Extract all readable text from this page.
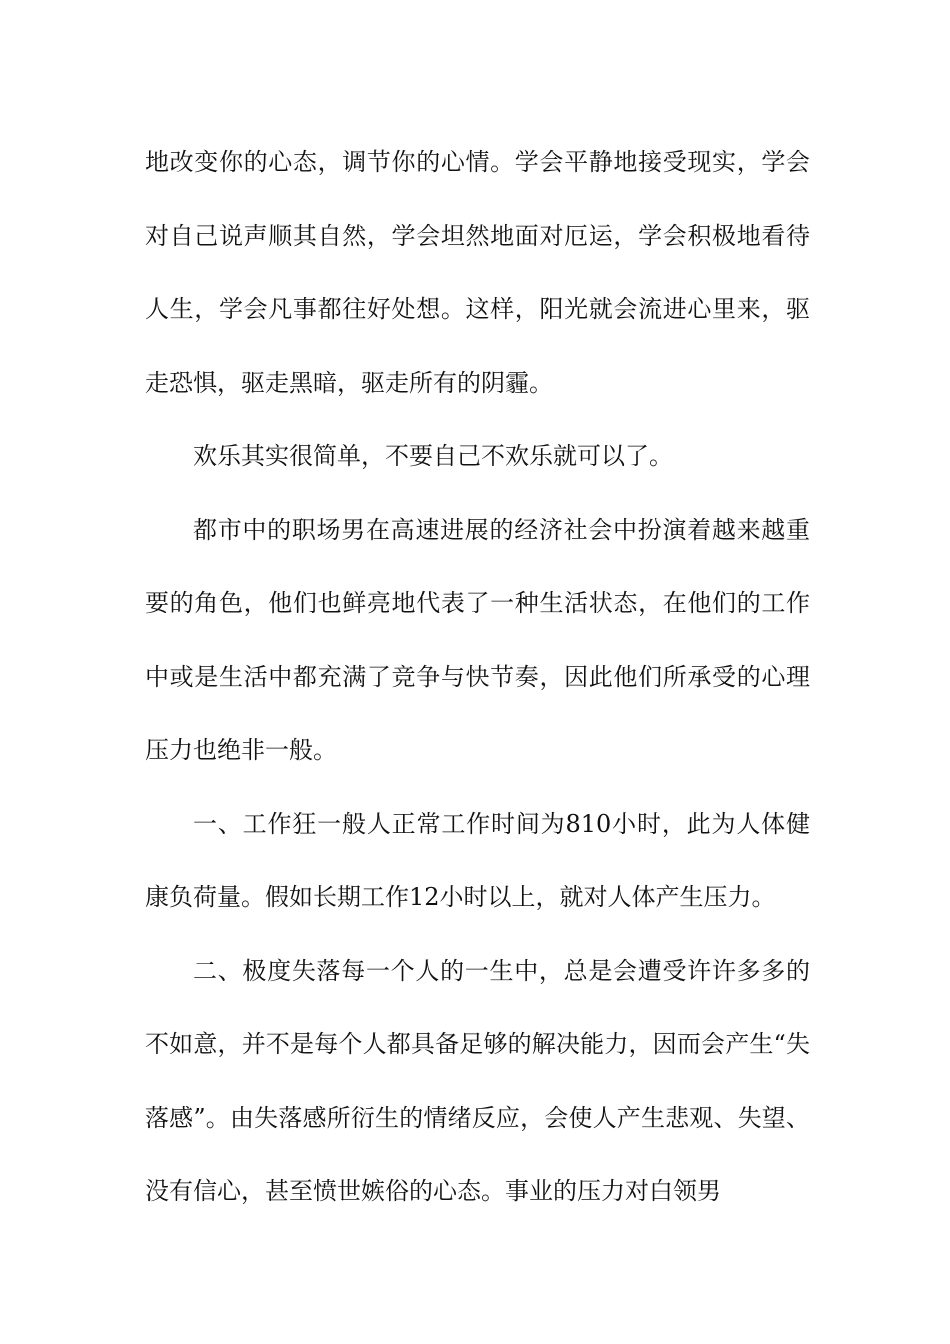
地改变你的心态，调节你的心情。学会平静地接受现实，学会对自己说声顺其自然，学会坦然地面对厄运，学会积极地看待人生，学会凡事都往好处想。这样，阳光就会流进心里来，驱走恐惧，驱走黑暗，驱走所有的阴霾。

欢乐其实很简单，不要自己不欢乐就可以了。

都市中的职场男在高速进展的经济社会中扮演着越来越重要的角色，他们也鲜亮地代表了一种生活状态，在他们的工作中或是生活中都充满了竞争与快节奏，因此他们所承受的心理压力也绝非一般。

一、工作狂一般人正常工作时间为810小时，此为人体健康负荷量。假如长期工作12小时以上，就对人体产生压力。

二、极度失落每一个人的一生中，总是会遭受许许多多的不如意，并不是每个人都具备足够的解决能力，因而会产生“失落感”。由失落感所衍生的情绪反应，会使人产生悲观、失望、没有信心，甚至愤世嫉俗的心态。事业的压力对白领男
